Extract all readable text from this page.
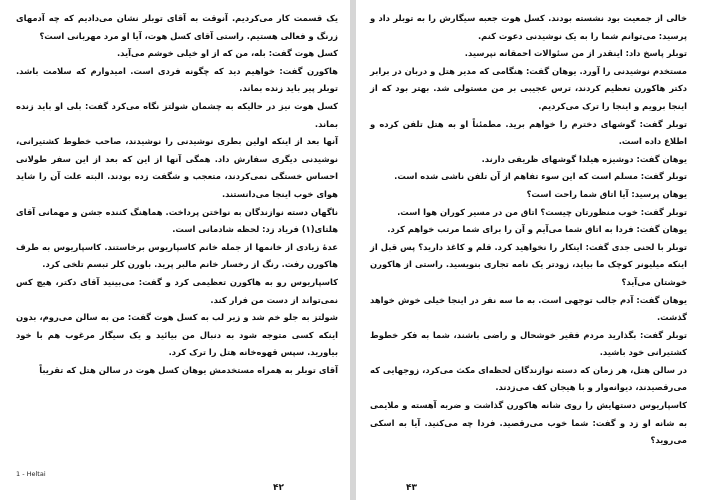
یک قسمت کار می‌کردیم. آنوقت به آقای توبلر نشان می‌دادیم که چه آدمهای زرنگ و فعالی هستیم. راستی آقای کسل هوت، آیا او مرد مهربانی است؟

کسل هوت گفت: بله، من که از او خیلی خوشم می‌آید.

هاکورن گفت: خواهیم دید که چگونه فردی است. امیدوارم که سلامت باشد. توبلر پیر باید زنده بماند.

کسل هوت نیز در حالیکه به چشمان شولتز نگاه می‌کرد گفت: بلی او باید زنده بماند.

آنها بعد از اینکه اولین بطری نوشیدنی را نوشیدند، صاحب خطوط کشتیرانی، نوشیدنی دیگری سفارش داد. همگی آنها از این که بعد از این سفر طولانی احساس خستگی نمی‌کردند، متعجب و شگفت زده بودند. البته علت آن را شاید هوای خوب اینجا می‌دانستند.

ناگهان دسته نوازندگان به نواختن پرداخت. هماهنگ کننده جشن و مهمانی آقای هلتای(۱) فریاد زد: لحظه شادمانی است.

عدهٔ زیادی از خانمها از جمله خانم کاسپاریوس برخاستند. کاسپاریوس به طرف هاکورن رفت. رنگ از رخسار خانم مالبر پرید. باورن کلر تبسم تلخی کرد.

کاسپاریوس رو به هاکورن تعظیمی کرد و گفت: می‌بینید آقای دکتر، هیچ کس نمی‌تواند از دست من فرار کند.

شولتز به جلو خم شد و زیر لب به کسل هوت گفت: من به سالن می‌روم، بدون اینکه کسی متوجه شود به دنبال من بیائید و یک سیگار مرغوب هم با خود بیاورید. سپس قهوه‌خانه هتل را ترک کرد.

آقای توبلر به همراه مستخدمش یوهان کسل هوت در سالن هتل که تقریباً

1 - Heltai
۴۲

خالی از جمعیت بود نشسته بودند. کسل هوت جعبه سیگارش را به توبلر داد و پرسید: می‌توانم شما را به یک نوشیدنی دعوت کنم.

توبلر پاسخ داد: اینقدر از من سئوالات احمقانه نپرسید.

مستخدم نوشیدنی را آورد. یوهان گفت: هنگامی که مدیر هتل و دربان در برابر دکتر هاکورن تعظیم کردند، ترس عجیبی بر من مستولی شد. بهتر بود که از اینجا برویم و اینجا را ترک می‌کردیم.

توبلر گفت: گوشهای دخترم را خواهم برید. مطمئناً او به هتل تلفن کرده و اطلاع داده است.

یوهان گفت: دوشیزه هیلدا گوشهای ظریفی دارند.

توبلر گفت: مسلم است که این سوء تفاهم از آن تلفن ناشی شده است.

یوهان پرسید: آیا اتاق شما راحت است؟

توبلر گفت: خوب منظورتان چیست؟ اتاق من در مسیر کوران هوا است.

یوهان گفت: فردا به اتاق شما می‌آیم و آن را برای شما مرتب خواهم کرد.

توبلر با لحنی جدی گفت: اینکار را نخواهید کرد. قلم و کاغذ دارید؟ پس قبل از اینکه میلیونر کوچک ما بیاید، زودتر یک نامه تجاری بنویسید. راستی از هاکورن خوشتان می‌آید؟

یوهان گفت: آدم جالب توجهی است. به ما سه نفر در اینجا خیلی خوش خواهد گذشت.

توبلر گفت: بگذارید مردم فقیر خوشحال و راضی باشند، شما به فکر خطوط کشتیرانی خود باشید.

در سالن هتل، هر زمان که دسته نوازندگان لحظه‌ای مکث می‌کرد، زوجهایی که می‌رقصیدند، دیوانه‌وار و با هیجان کف می‌زدند.

کاسپاریوس دستهایش را روی شانه هاکورن گذاشت و ضربه آهسته و ملایمی به شانه او زد و گفت: شما خوب می‌رقصید. فردا چه می‌کنید. آیا به اسکی می‌روید؟

۴۳
